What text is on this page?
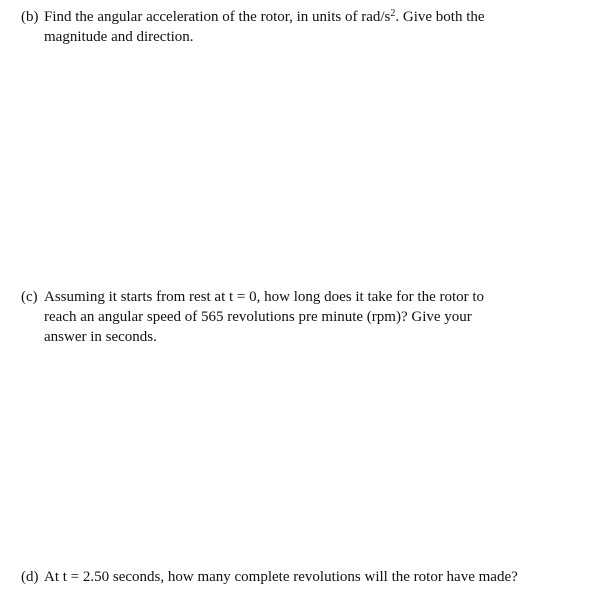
(b) Find the angular acceleration of the rotor, in units of rad/$s^2$. Give both the
magnitude and direction.
(c) Assuming it starts from rest at t = 0, how long does it take for the rotor to
reach an angular speed of 565 revolutions pre minute (rpm)? Give your
answer in seconds.
(d) At t = 2.50 seconds, how many complete revolutions will the rotor have made?
